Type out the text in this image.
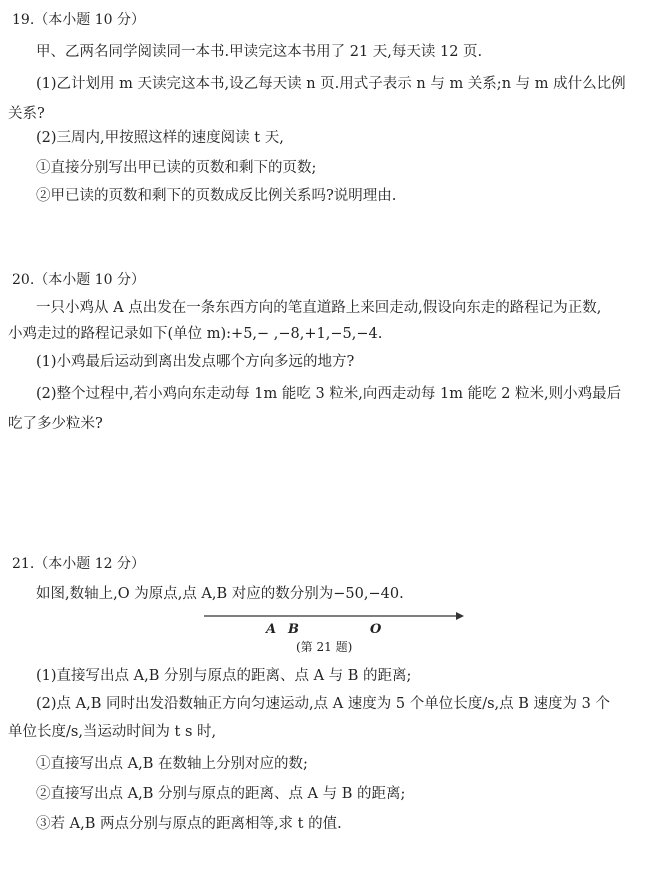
19.（本小题 10 分）
甲、乙两名同学阅读同一本书.甲读完这本书用了 21 天,每天读 12 页.
(1)乙计划用 m 天读完这本书,设乙每天读 n 页.用式子表示 n 与 m 关系;n 与 m 成什么比例
关系?
(2)三周内,甲按照这样的速度阅读 t 天,
①直接分别写出甲已读的页数和剩下的页数;
②甲已读的页数和剩下的页数成反比例关系吗?说明理由.
20.（本小题 10 分）
一只小鸡从 A 点出发在一条东西方向的笔直道路上来回走动,假设向东走的路程记为正数,
小鸡走过的路程记录如下(单位 m):+5,− ,−8,+1,−5,−4.
(1)小鸡最后运动到离出发点哪个方向多远的地方?
(2)整个过程中,若小鸡向东走动每 1m 能吃 3 粒米,向西走动每 1m 能吃 2 粒米,则小鸡最后
吃了多少粒米?
21.（本小题 12 分）
如图,数轴上,O 为原点,点 A,B 对应的数分别为−50,−40.
A B	O
(第 21 题)
(1)直接写出点 A,B 分别与原点的距离、点 A 与 B 的距离;
(2)点 A,B 同时出发沿数轴正方向匀速运动,点 A 速度为 5 个单位长度/s,点 B 速度为 3 个
单位长度/s,当运动时间为 t s 时,
①直接写出点 A,B 在数轴上分别对应的数;
②直接写出点 A,B 分别与原点的距离、点 A 与 B 的距离;
③若 A,B 两点分别与原点的距离相等,求 t 的值.
